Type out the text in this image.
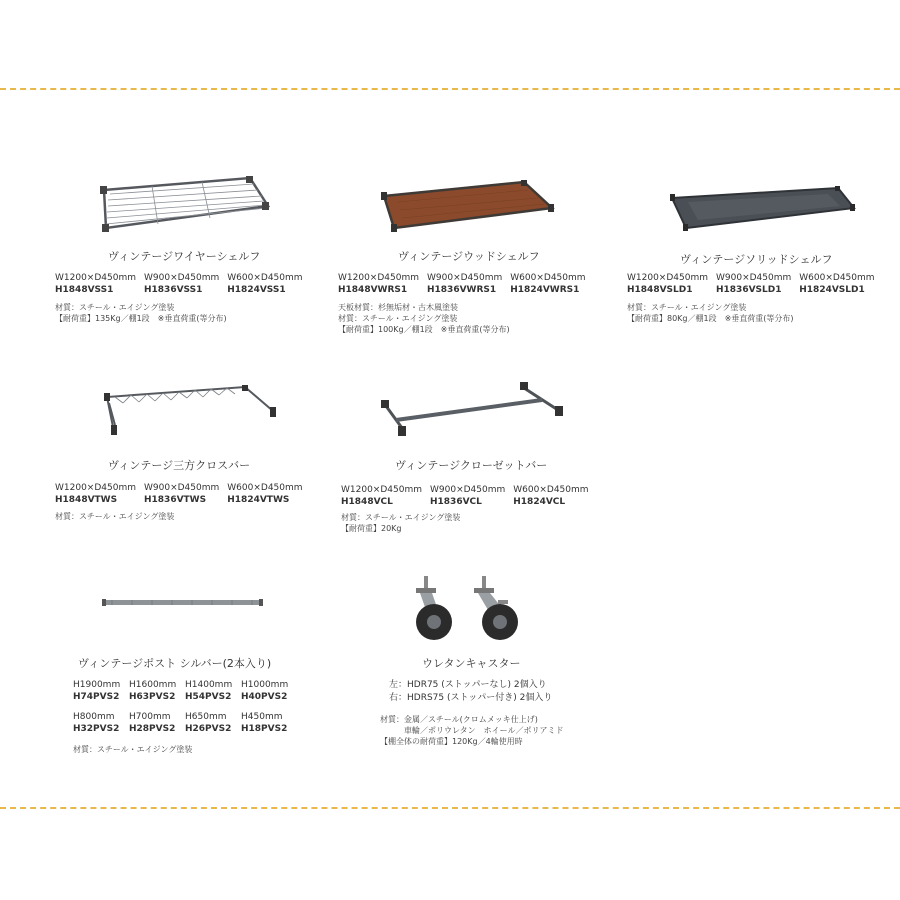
ヴィンテージワイヤーシェルフ
W1200×D450mm
H1848VSS1
W900×D450mm
H1836VSS1
W600×D450mm
H1824VSS1
材質：スチール・エイジング塗装
【耐荷重】135Kg／棚1段　※垂直荷重(等分布)
ヴィンテージウッドシェルフ
W1200×D450mm
H1848VWRS1
W900×D450mm
H1836VWRS1
W600×D450mm
H1824VWRS1
天板材質：杉無垢材・古木風塗装
材質：スチール・エイジング塗装
【耐荷重】100Kg／棚1段　※垂直荷重(等分布)
ヴィンテージソリッドシェルフ
W1200×D450mm
H1848VSLD1
W900×D450mm
H1836VSLD1
W600×D450mm
H1824VSLD1
材質：スチール・エイジング塗装
【耐荷重】80Kg／棚1段　※垂直荷重(等分布)
ヴィンテージ三方クロスバー
W1200×D450mm
H1848VTWS
W900×D450mm
H1836VTWS
W600×D450mm
H1824VTWS
材質：スチール・エイジング塗装
ヴィンテージクローゼットバー
W1200×D450mm
H1848VCL
W900×D450mm
H1836VCL
W600×D450mm
H1824VCL
材質：スチール・エイジング塗装
【耐荷重】20Kg
ヴィンテージポスト シルバー(2本入り)
H1900mm
H74PVS2
H1600mm
H63PVS2
H1400mm
H54PVS2
H1000mm
H40PVS2
H800mm
H32PVS2
H700mm
H28PVS2
H650mm
H26PVS2
H450mm
H18PVS2
材質：スチール・エイジング塗装
ウレタンキャスター
左：HDR75 (ストッパーなし) 2個入り
右：HDRS75 (ストッパー付き) 2個入り
材質：金属／スチール(クロムメッキ仕上げ)
　　　車輪／ポリウレタン　ホイール／ポリアミド
【棚全体の耐荷重】120Kg／4輪使用時
